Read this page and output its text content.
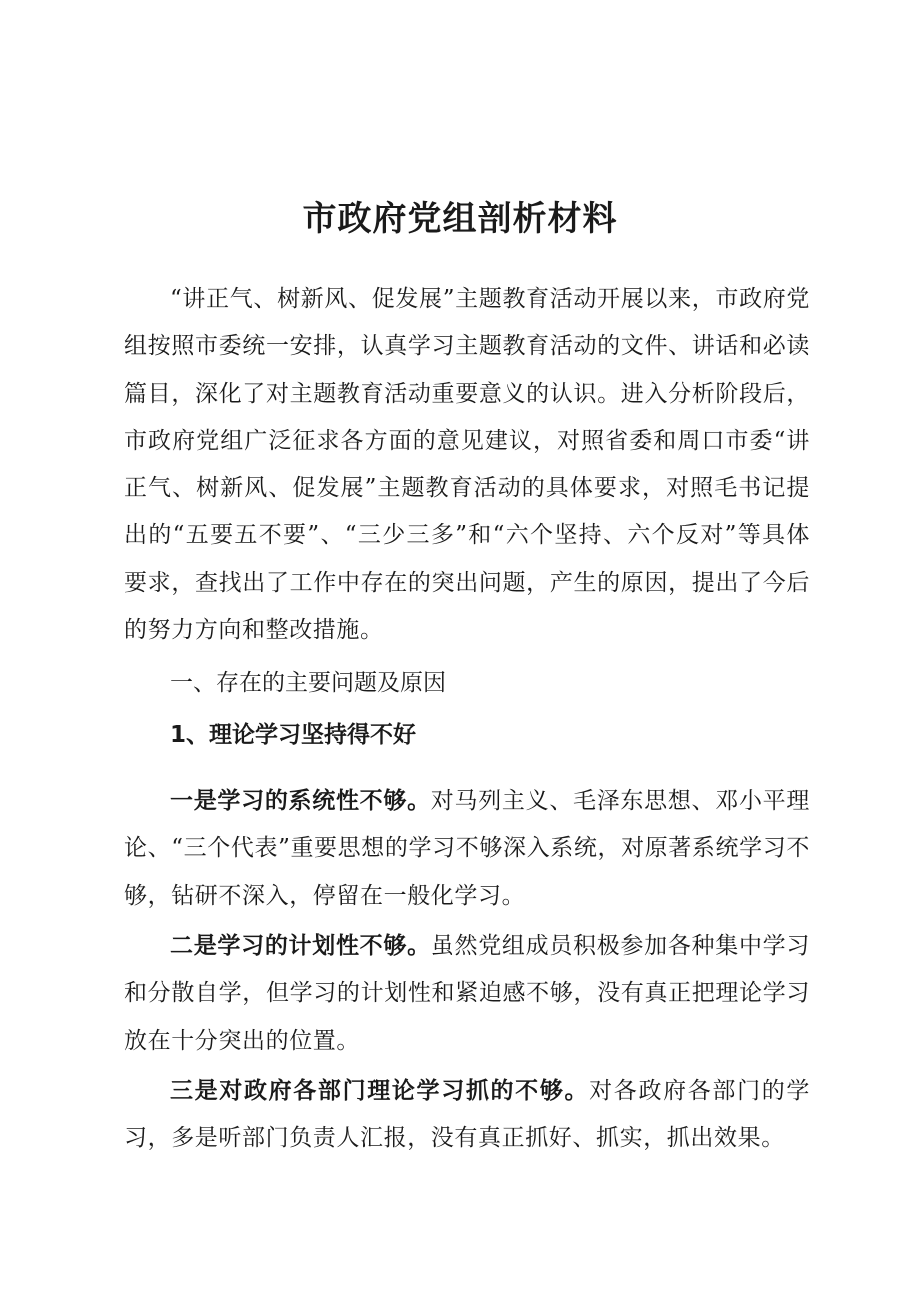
市政府党组剖析材料

“讲正气、树新风、促发展”主题教育活动开展以来，市政府党组按照市委统一安排，认真学习主题教育活动的文件、讲话和必读篇目，深化了对主题教育活动重要意义的认识。进入分析阶段后，市政府党组广泛征求各方面的意见建议，对照省委和周口市委“讲正气、树新风、促发展”主题教育活动的具体要求，对照毛书记提出的“五要五不要”、“三少三多”和“六个坚持、六个反对”等具体要求，查找出了工作中存在的突出问题，产生的原因，提出了今后的努力方向和整改措施。

一、存在的主要问题及原因

1、理论学习坚持得不好

一是学习的系统性不够。对马列主义、毛泽东思想、邓小平理论、“三个代表”重要思想的学习不够深入系统，对原著系统学习不够，钻研不深入，停留在一般化学习。

二是学习的计划性不够。虽然党组成员积极参加各种集中学习和分散自学，但学习的计划性和紧迫感不够，没有真正把理论学习放在十分突出的位置。

三是对政府各部门理论学习抓的不够。对各政府各部门的学习，多是听部门负责人汇报，没有真正抓好、抓实，抓出效果。
